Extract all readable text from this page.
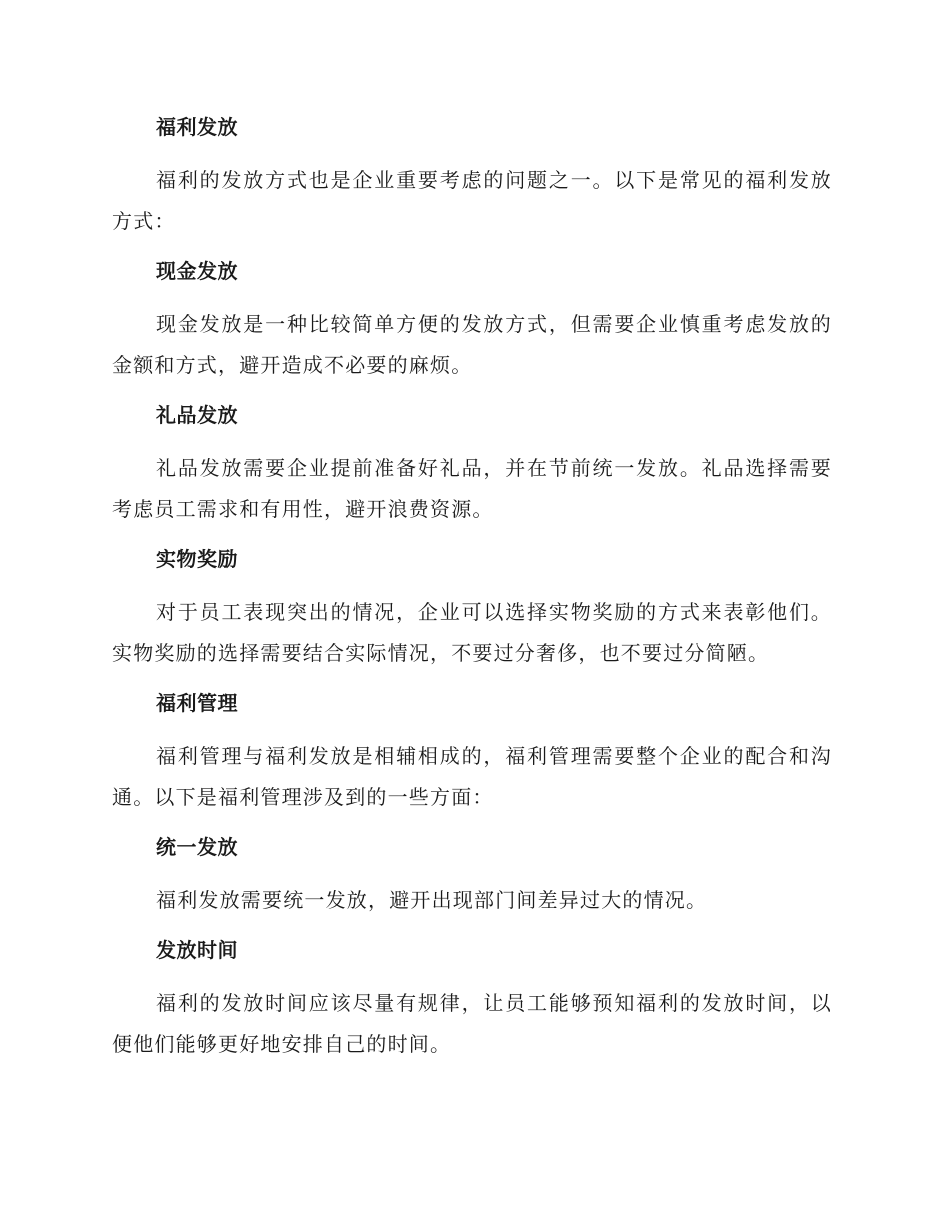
福利发放

福利的发放方式也是企业重要考虑的问题之一。以下是常见的福利发放方式：

现金发放

现金发放是一种比较简单方便的发放方式，但需要企业慎重考虑发放的金额和方式，避开造成不必要的麻烦。

礼品发放

礼品发放需要企业提前准备好礼品，并在节前统一发放。礼品选择需要考虑员工需求和有用性，避开浪费资源。

实物奖励

对于员工表现突出的情况，企业可以选择实物奖励的方式来表彰他们。实物奖励的选择需要结合实际情况，不要过分奢侈，也不要过分简陋。

福利管理

福利管理与福利发放是相辅相成的，福利管理需要整个企业的配合和沟通。以下是福利管理涉及到的一些方面：

统一发放

福利发放需要统一发放，避开出现部门间差异过大的情况。

发放时间

福利的发放时间应该尽量有规律，让员工能够预知福利的发放时间，以便他们能够更好地安排自己的时间。
